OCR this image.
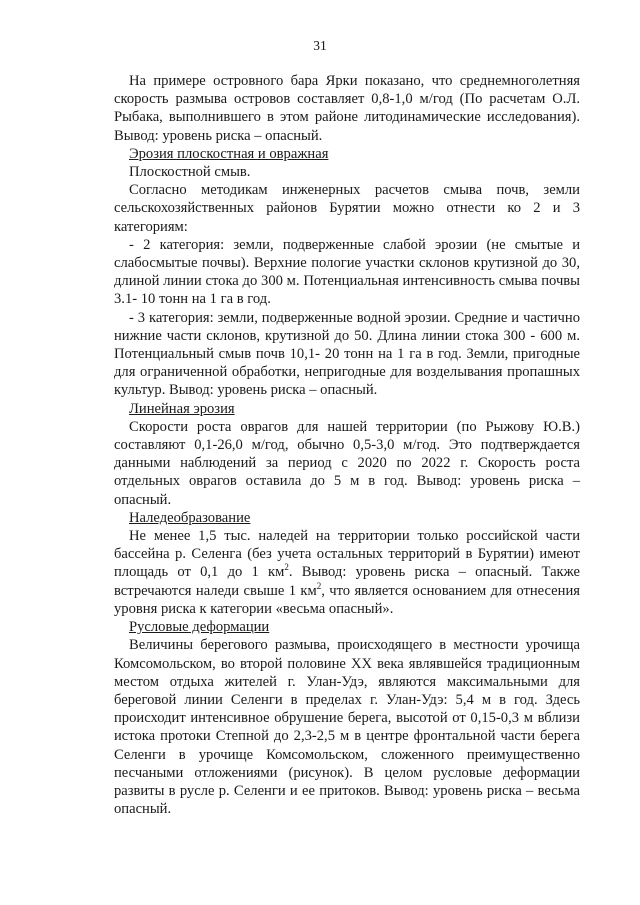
31

На примере островного бара Ярки показано, что среднемноголетняя скорость размыва островов составляет 0,8-1,0 м/год (По расчетам О.Л. Рыбака, выполнившего в этом районе литодинамические исследования). Вывод: уровень риска – опасный.

Эрозия плоскостная и овражная

Плоскостной смыв.

Согласно методикам инженерных расчетов смыва почв, земли сельскохозяйственных районов Бурятии можно отнести ко 2 и 3 категориям:

- 2 категория: земли, подверженные слабой эрозии (не смытые и слабосмытые почвы). Верхние пологие участки склонов крутизной до 30, длиной линии стока до 300 м. Потенциальная интенсивность смыва почвы 3.1- 10 тонн на 1 га в год.

- 3 категория: земли, подверженные водной эрозии. Средние и частично нижние части склонов, крутизной до 50. Длина линии стока 300 - 600 м. Потенциальный смыв почв 10,1- 20 тонн на 1 га в год. Земли, пригодные для ограниченной обработки, непригодные для возделывания пропашных культур. Вывод: уровень риска – опасный.

Линейная эрозия

Скорости роста оврагов для нашей территории (по Рыжову Ю.В.) составляют 0,1-26,0 м/год, обычно 0,5-3,0 м/год. Это подтверждается данными наблюдений за период с 2020 по 2022 г. Скорость роста отдельных оврагов оставила до 5 м в год. Вывод: уровень риска – опасный.

Наледеобразование

Не менее 1,5 тыс. наледей на территории только российской части бассейна р. Селенга (без учета остальных территорий в Бурятии) имеют площадь от 0,1 до 1 $км^2$. Вывод: уровень риска – опасный. Также встречаются наледи свыше 1 $км^2$, что является основанием для отнесения уровня риска к категории «весьма опасный».

Русловые деформации

Величины берегового размыва, происходящего в местности урочища Комсомольском, во второй половине XX века являвшейся традиционным местом отдыха жителей г. Улан-Удэ, являются максимальными для береговой линии Селенги в пределах г. Улан-Удэ: 5,4 м в год. Здесь происходит интенсивное обрушение берега, высотой от 0,15-0,3 м вблизи истока протоки Степной до 2,3-2,5 м в центре фронтальной части берега Селенги в урочище Комсомольском, сложенного преимущественно песчаными отложениями (рисунок). В целом русловые деформации развиты в русле р. Селенги и ее притоков. Вывод: уровень риска – весьма опасный.
